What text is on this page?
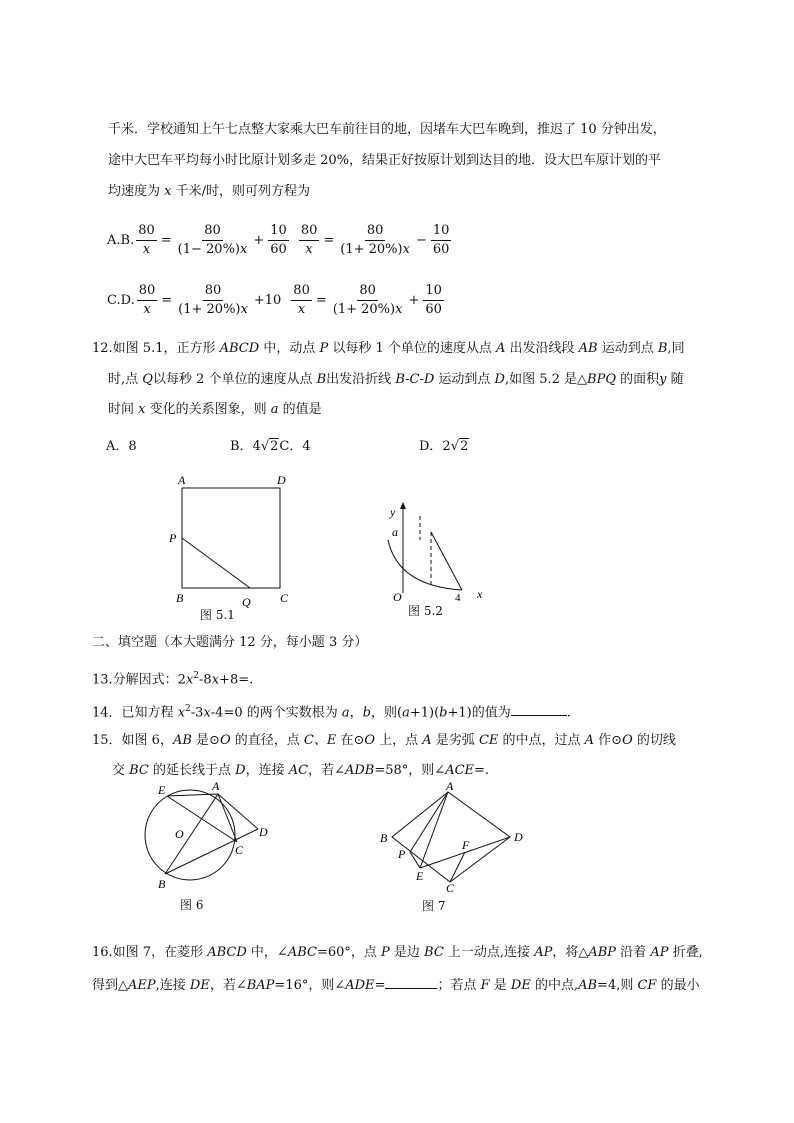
千米．学校通知上午七点整大家乘大巴车前往目的地，因堵车大巴车晚到，推迟了 10 分钟出发，
途中大巴车平均每小时比原计划多走 20%，结果正好按原计划到达目的地．设大巴车原计划的平
均速度为 x 千米/时，则可列方程为
A. B. $\frac{80}{x} = \frac{80}{(1- 20\%)x} + \frac{10}{60} \frac{80}{x} = \frac{80}{(1+ 20\%)x} - \frac{10}{60}$
C. D. $\frac{80}{x} = \frac{80}{(1+ 20\%)x} +10 \frac{80}{x} = \frac{80}{(1+ 20\%)x} + \frac{10}{60}$
12.如图 5.1，正方形 ABCD 中，动点 P 以每秒 1 个单位的速度从点 A 出发沿线段 AB 运动到点 B,同
时,点 Q以每秒 2 个单位的速度从点 B出发沿折线 B-C-D 运动到点 D,如图 5.2 是△BPQ 的面积y 随
时间 x 变化的关系图象，则 a 的值是
A．8	B．4√2C．4	D．2√2
A	D
P
B	Q C
图 5.1
y
a
O	4 x
图 5.2
二、填空题（本大题满分 12 分，每小题 3 分）
13.分解因式：$2x^2-8x+8=$.
14．已知方程 $x^2-3x-4=0$ 的两个实数根为 a，b，则(a+1)(b+1)的值为	.
15．如图 6，AB 是⊙O 的直径，点 C、E 在⊙O 上，点 A 是劣弧 CE 的中点，过点 A 作⊙O 的切线
交 BC 的延长线于点 D，连接 AC，若∠ADB=58°，则∠ACE=.
E	A
O	D
C
B
图 6
A
B	D
P
F
E
C
图 7
16.如图 7，在菱形 ABCD 中，∠ABC=60°，点 P 是边 BC 上一动点,连接 AP，将△ABP 沿着 AP 折叠,
得到△AEP,连接 DE，若∠BAP=16°，则∠ADE=	；若点 F 是 DE 的中点,AB=4,则 CF 的最小
